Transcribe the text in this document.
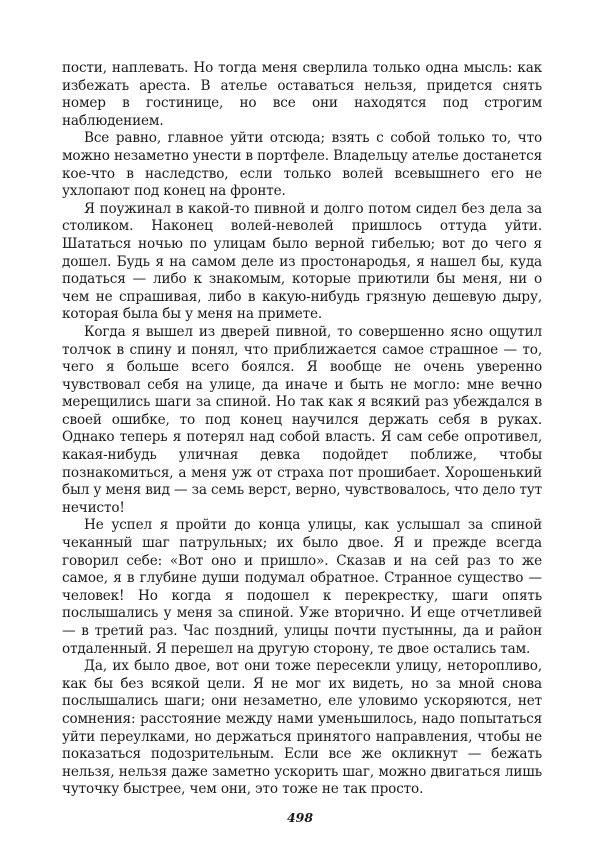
пости, наплевать. Но тогда меня сверлила только одна мысль: как избежать ареста. В ателье оставаться нельзя, придется снять номер в гостинице, но все они находятся под строгим наблюдением.

Все равно, главное уйти отсюда; взять с собой только то, что можно незаметно унести в портфеле. Владельцу ателье достанется кое-что в наследство, если только волей всевышнего его не ухлопают под конец на фронте.

Я поужинал в какой-то пивной и долго потом сидел без дела за столиком. Наконец волей-неволей пришлось оттуда уйти. Шататься ночью по улицам было верной гибелью; вот до чего я дошел. Будь я на самом деле из простонародья, я нашел бы, куда податься — либо к знакомым, которые приютили бы меня, ни о чем не спрашивая, либо в какую-нибудь грязную дешевую дыру, которая была бы у меня на примете.

Когда я вышел из дверей пивной, то совершенно ясно ощутил толчок в спину и понял, что приближается самое страшное — то, чего я больше всего боялся. Я вообще не очень уверенно чувствовал себя на улице, да иначе и быть не могло: мне вечно мерещились шаги за спиной. Но так как я всякий раз убеждался в своей ошибке, то под конец научился держать себя в руках. Однако теперь я потерял над собой власть. Я сам себе опротивел, какая-нибудь уличная девка подойдет поближе, чтобы познакомиться, а меня уж от страха пот прошибает. Хорошенький был у меня вид — за семь верст, верно, чувствовалось, что дело тут нечисто!

Не успел я пройти до конца улицы, как услышал за спиной чеканный шаг патрульных; их было двое. Я и прежде всегда говорил себе: «Вот оно и пришло». Сказав и на сей раз то же самое, я в глубине души подумал обратное. Странное существо — человек! Но когда я подошел к перекрестку, шаги опять послышались у меня за спиной. Уже вторично. И еще отчетливей — в третий раз. Час поздний, улицы почти пустынны, да и район отдаленный. Я перешел на другую сторону, те двое остались там.

Да, их было двое, вот они тоже пересекли улицу, неторопливо, как бы без всякой цели. Я не мог их видеть, но за мной снова послышались шаги; они незаметно, еле уловимо ускоряются, нет сомнения: расстояние между нами уменьшилось, надо попытаться уйти переулками, но держаться принятого направления, чтобы не показаться подозрительным. Если все же окликнут — бежать нельзя, нельзя даже заметно ускорить шаг, можно двигаться лишь чуточку быстрее, чем они, это тоже не так просто.

498
